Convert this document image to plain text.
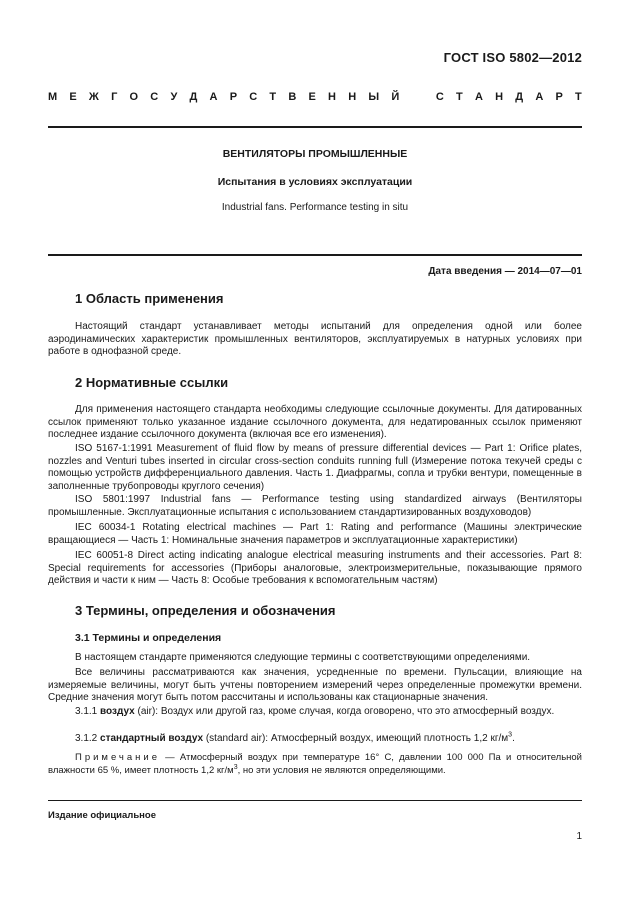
ГОСТ ISO 5802—2012
М Е Ж Г О С У Д А Р С Т В Е Н Н Ы Й	С Т А Н Д А Р Т
ВЕНТИЛЯТОРЫ ПРОМЫШЛЕННЫЕ
Испытания в условиях эксплуатации
Industrial fans. Performance testing in situ
Дата введения — 2014—07—01
1 Область применения
Настоящий стандарт устанавливает методы испытаний для определения одной или более аэродинамических характеристик промышленных вентиляторов, эксплуатируемых в натурных условиях при работе в однофазной среде.
2 Нормативные ссылки
Для применения настоящего стандарта необходимы следующие ссылочные документы. Для датированных ссылок применяют только указанное издание ссылочного документа, для недатированных ссылок применяют последнее издание ссылочного документа (включая все его изменения).
ISO 5167-1:1991 Measurement of fluid flow by means of pressure differential devices — Part 1: Orifice plates, nozzles and Venturi tubes inserted in circular cross-section conduits running full (Измерение потока текучей среды с помощью устройств дифференциального давления. Часть 1. Диафрагмы, сопла и трубки вентури, помещенные в заполненные трубопроводы круглого сечения)
ISO 5801:1997 Industrial fans — Performance testing using standardized airways (Вентиляторы промышленные. Эксплуатационные испытания с использованием стандартизированных воздуховодов)
IEC 60034-1 Rotating electrical machines — Part 1: Rating and performance (Машины электрические вращающиеся — Часть 1: Номинальные значения параметров и эксплуатационные характеристики)
IEC 60051-8 Direct acting indicating analogue electrical measuring instruments and their accessories. Part 8: Special requirements for accessories (Приборы аналоговые, электроизмерительные, показывающие прямого действия и части к ним — Часть 8: Особые требования к вспомогательным частям)
3 Термины, определения и обозначения
3.1 Термины и определения
В настоящем стандарте применяются следующие термины с соответствующими определениями.
Все величины рассматриваются как значения, усредненные по времени. Пульсации, влияющие на измеряемые величины, могут быть учтены повторением измерений через определенные промежутки времени. Средние значения могут быть потом рассчитаны и использованы как стационарные значения.
3.1.1 воздух (air): Воздух или другой газ, кроме случая, когда оговорено, что это атмосферный воздух.
3.1.2 стандартный воздух (standard air): Атмосферный воздух, имеющий плотность 1,2 $кг/м^3$.
Примечание — Атмосферный воздух при температуре 16° С, давлении 100 000 Па и относительной влажности 65 %, имеет плотность 1,2 $кг/м^3$, но эти условия не являются определяющими.
Издание официальное
1
